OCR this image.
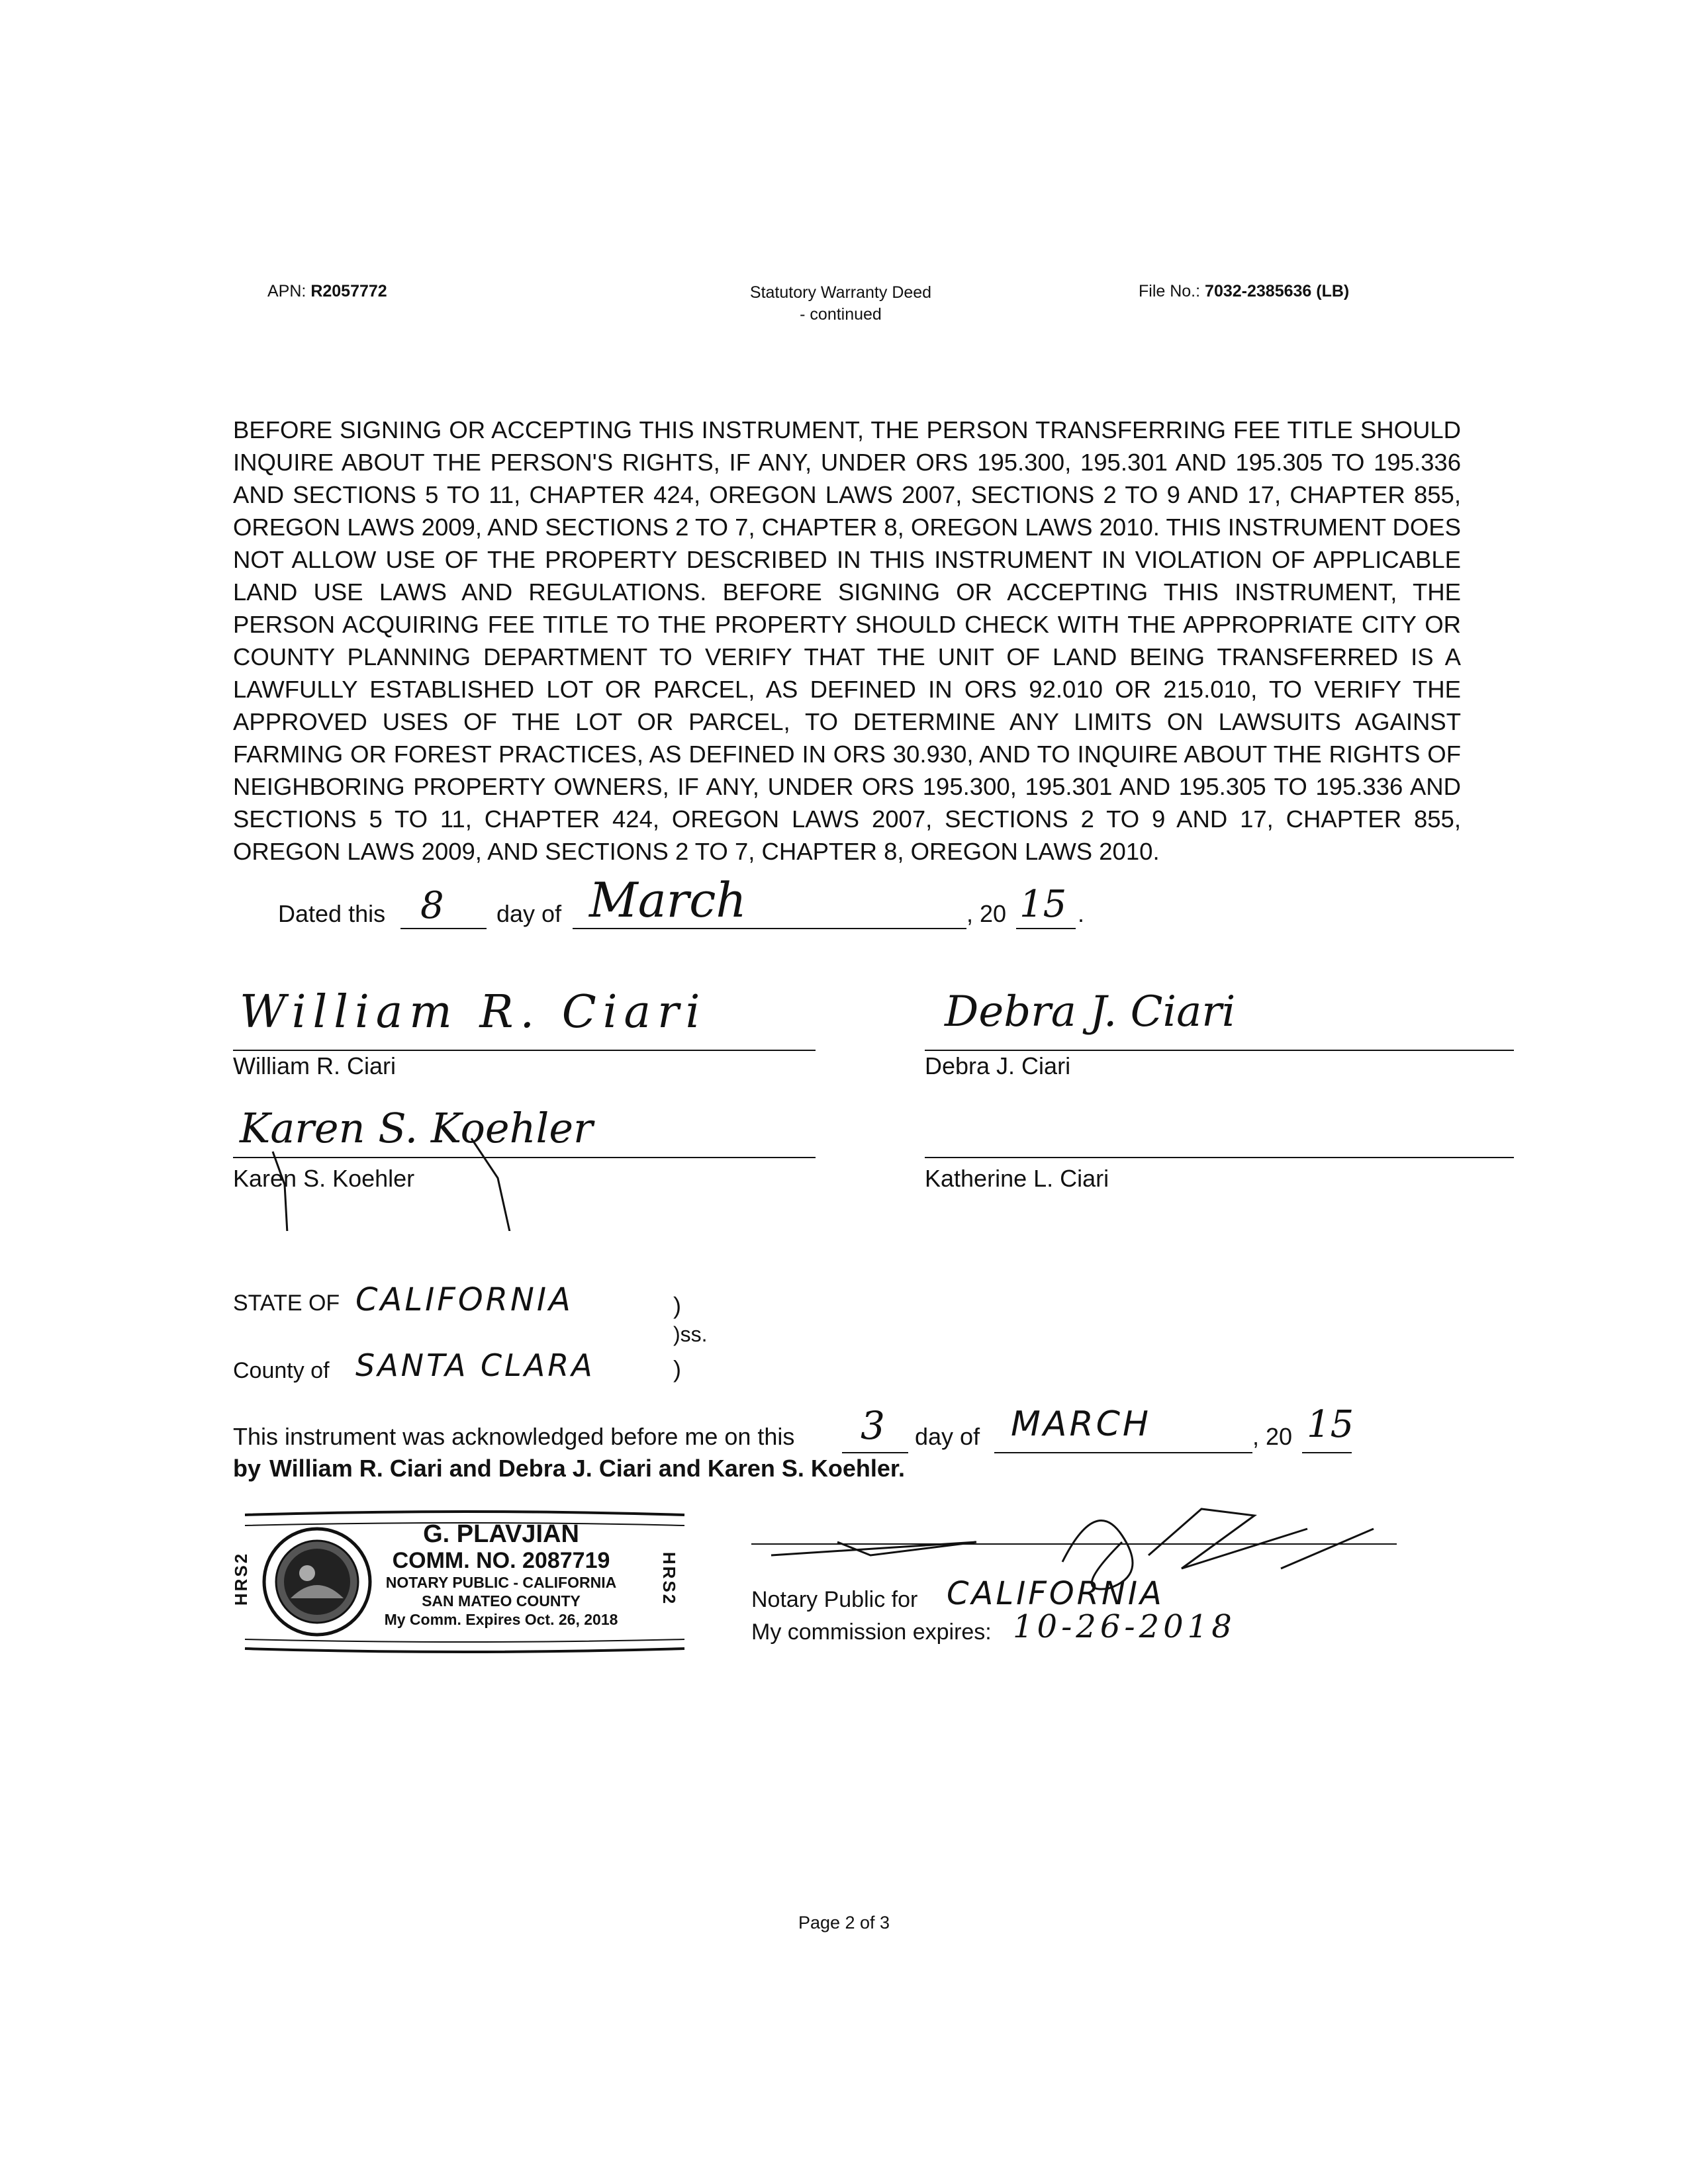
APN: R2057772	Statutory Warranty Deed
- continued
File No.: 7032-2385636 (LB)

BEFORE SIGNING OR ACCEPTING THIS INSTRUMENT, THE PERSON TRANSFERRING FEE TITLE SHOULD INQUIRE ABOUT THE PERSON'S RIGHTS, IF ANY, UNDER ORS 195.300, 195.301 AND 195.305 TO 195.336 AND SECTIONS 5 TO 11, CHAPTER 424, OREGON LAWS 2007, SECTIONS 2 TO 9 AND 17, CHAPTER 855, OREGON LAWS 2009, AND SECTIONS 2 TO 7, CHAPTER 8, OREGON LAWS 2010. THIS INSTRUMENT DOES NOT ALLOW USE OF THE PROPERTY DESCRIBED IN THIS INSTRUMENT IN VIOLATION OF APPLICABLE LAND USE LAWS AND REGULATIONS. BEFORE SIGNING OR ACCEPTING THIS INSTRUMENT, THE PERSON ACQUIRING FEE TITLE TO THE PROPERTY SHOULD CHECK WITH THE APPROPRIATE CITY OR COUNTY PLANNING DEPARTMENT TO VERIFY THAT THE UNIT OF LAND BEING TRANSFERRED IS A LAWFULLY ESTABLISHED LOT OR PARCEL, AS DEFINED IN ORS 92.010 OR 215.010, TO VERIFY THE APPROVED USES OF THE LOT OR PARCEL, TO DETERMINE ANY LIMITS ON LAWSUITS AGAINST FARMING OR FOREST PRACTICES, AS DEFINED IN ORS 30.930, AND TO INQUIRE ABOUT THE RIGHTS OF NEIGHBORING PROPERTY OWNERS, IF ANY, UNDER ORS 195.300, 195.301 AND 195.305 TO 195.336 AND SECTIONS 5 TO 11, CHAPTER 424, OREGON LAWS 2007, SECTIONS 2 TO 9 AND 17, CHAPTER 855, OREGON LAWS 2009, AND SECTIONS 2 TO 7, CHAPTER 8, OREGON LAWS 2010.

Dated this 8 day of March	, 20 15 .
William R. Ciari
William R. Ciari
Debra J. Ciari
Debra J. Ciari
Karen S. Koehler
Karen S. Koehler	Katherine L. Ciari
STATE OF CALIFORNIA	)
)ss.
County of SANTA CLARA	)
This instrument was acknowledged before me on this 3 day of MARCH	, 20 15
by William R. Ciari and Debra J. Ciari and Karen S. Koehler.
HRS2	HRS2
G. PLAVJIAN
COMM. NO. 2087719
NOTARY PUBLIC - CALIFORNIA
SAN MATEO COUNTY
My Comm. Expires Oct. 26, 2018
Notary Public for CALIFORNIA
My commission expires: 10-26-2018
Page 2 of 3
